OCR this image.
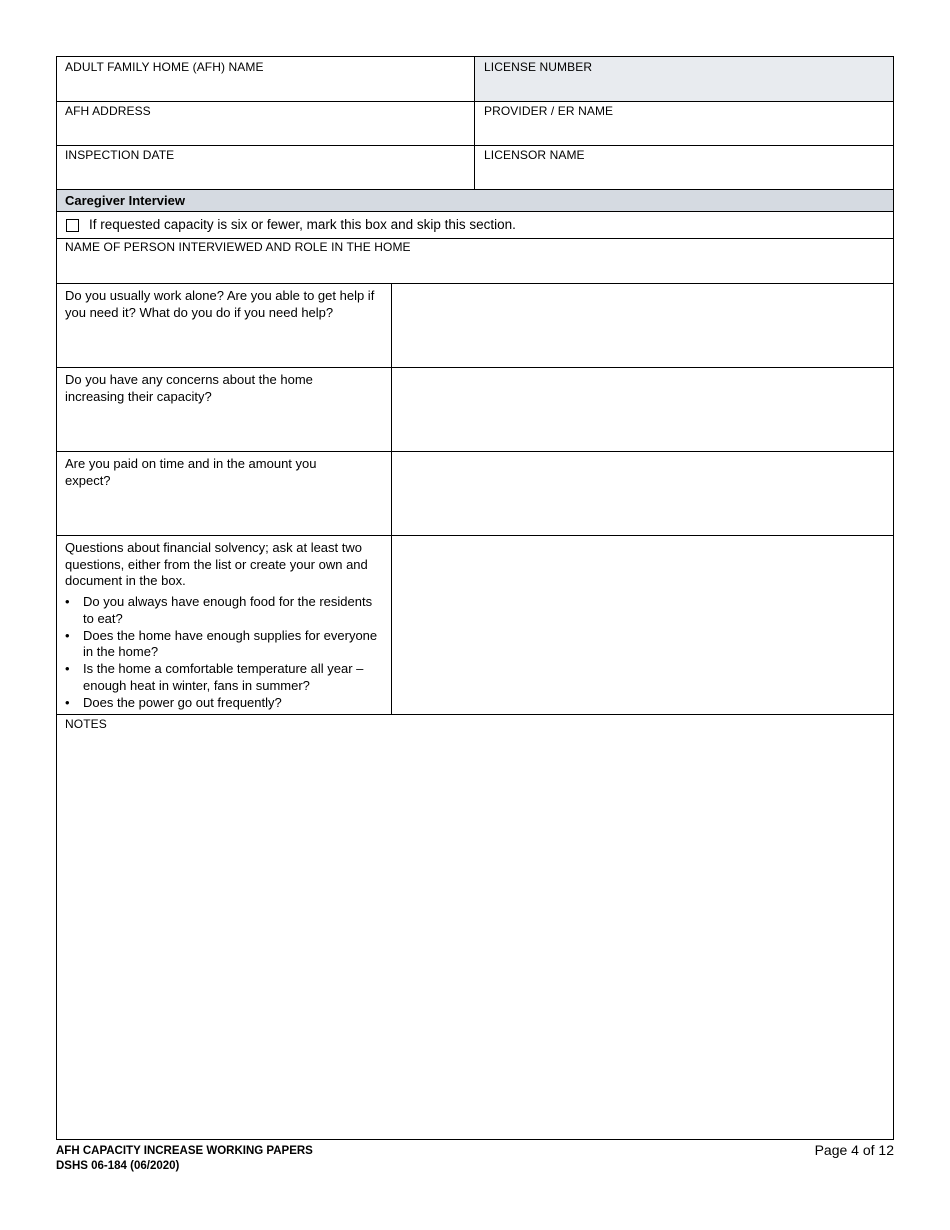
ADULT FAMILY HOME (AFH) NAME	LICENSE NUMBER
AFH ADDRESS	PROVIDER / ER NAME
INSPECTION DATE	LICENSOR NAME
Caregiver Interview
If requested capacity is six or fewer, mark this box and skip this section.
NAME OF PERSON INTERVIEWED AND ROLE IN THE HOME
Do you usually work alone? Are you able to get help if you need it? What do you do if you need help?
Do you have any concerns about the home increasing their capacity?
Are you paid on time and in the amount you expect?
Questions about financial solvency; ask at least two questions, either from the list or create your own and document in the box.
• Do you always have enough food for the residents to eat?
• Does the home have enough supplies for everyone in the home?
• Is the home a comfortable temperature all year – enough heat in winter, fans in summer?
• Does the power go out frequently?
NOTES
AFH CAPACITY INCREASE WORKING PAPERS
DSHS 06-184 (06/2020)
Page 4 of 12
